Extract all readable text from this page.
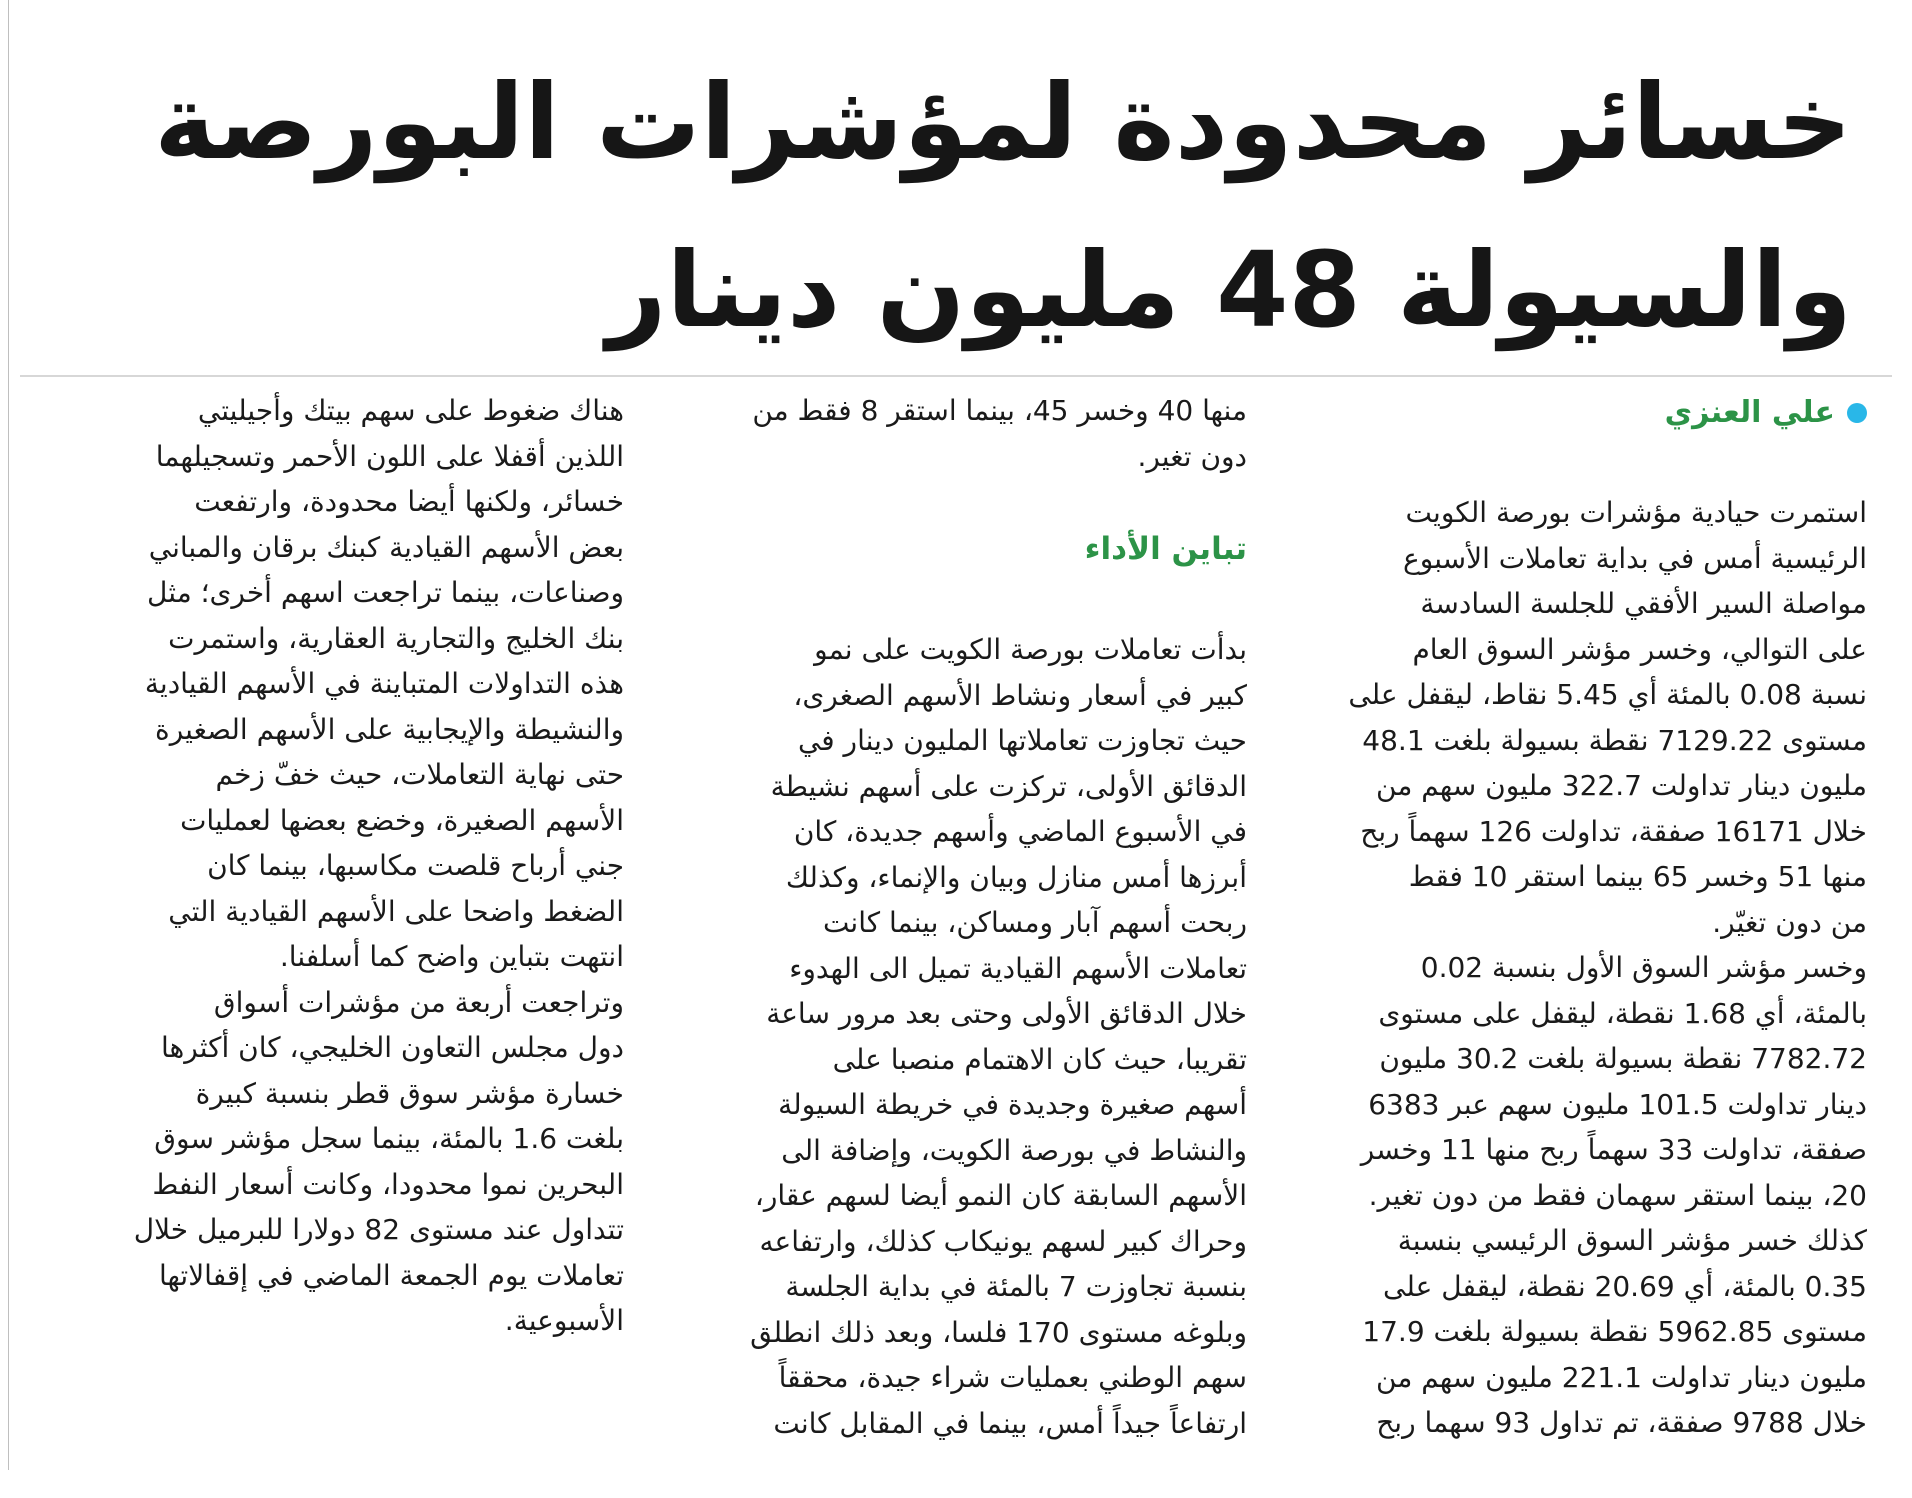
خسائر محدودة لمؤشرات البورصة
والسيولة 48 مليون دينار
علي العنزي

استمرت حيادية مؤشرات بورصة الكويت
الرئيسية أمس في بداية تعاملات الأسبوع
مواصلة السير الأفقي للجلسة السادسة
على التوالي، وخسر مؤشر السوق العام
نسبة 0.08 بالمئة أي 5.45 نقاط، ليقفل على
مستوى 7129.22 نقطة بسيولة بلغت 48.1
مليون دينار تداولت 322.7 مليون سهم من
خلال 16171 صفقة، تداولت 126 سهماً ربح
منها 51 وخسر 65 بينما استقر 10 فقط
من دون تغيّر.

وخسر مؤشر السوق الأول بنسبة 0.02
بالمئة، أي 1.68 نقطة، ليقفل على مستوى
7782.72 نقطة بسيولة بلغت 30.2 مليون
دينار تداولت 101.5 مليون سهم عبر 6383
صفقة، تداولت 33 سهماً ربح منها 11 وخسر
20، بينما استقر سهمان فقط من دون تغير.

كذلك خسر مؤشر السوق الرئيسي بنسبة
0.35 بالمئة، أي 20.69 نقطة، ليقفل على
مستوى 5962.85 نقطة بسيولة بلغت 17.9
مليون دينار تداولت 221.1 مليون سهم من
خلال 9788 صفقة، تم تداول 93 سهما ربح

منها 40 وخسر 45، بينما استقر 8 فقط من
دون تغير.

تباين الأداء

بدأت تعاملات بورصة الكويت على نمو
كبير في أسعار ونشاط الأسهم الصغرى،
حيث تجاوزت تعاملاتها المليون دينار في
الدقائق الأولى، تركزت على أسهم نشيطة
في الأسبوع الماضي وأسهم جديدة، كان
أبرزها أمس منازل وبيان والإنماء، وكذلك
ربحت أسهم آبار ومساكن، بينما كانت
تعاملات الأسهم القيادية تميل الى الهدوء
خلال الدقائق الأولى وحتى بعد مرور ساعة
تقريبا، حيث كان الاهتمام منصبا على
أسهم صغيرة وجديدة في خريطة السيولة
والنشاط في بورصة الكويت، وإضافة الى
الأسهم السابقة كان النمو أيضا لسهم عقار،
وحراك كبير لسهم يونيكاب كذلك، وارتفاعه
بنسبة تجاوزت 7 بالمئة في بداية الجلسة
وبلوغه مستوى 170 فلسا، وبعد ذلك انطلق
سهم الوطني بعمليات شراء جيدة، محققاً
ارتفاعاً جيداً أمس، بينما في المقابل كانت

هناك ضغوط على سهم بيتك وأجيليتي
اللذين أقفلا على اللون الأحمر وتسجيلهما
خسائر، ولكنها أيضا محدودة، وارتفعت
بعض الأسهم القيادية كبنك برقان والمباني
وصناعات، بينما تراجعت اسهم أخرى؛ مثل
بنك الخليج والتجارية العقارية، واستمرت
هذه التداولات المتباينة في الأسهم القيادية
والنشيطة والإيجابية على الأسهم الصغيرة
حتى نهاية التعاملات، حيث خفّ زخم
الأسهم الصغيرة، وخضع بعضها لعمليات
جني أرباح قلصت مكاسبها، بينما كان
الضغط واضحا على الأسهم القيادية التي
انتهت بتباين واضح كما أسلفنا.

وتراجعت أربعة من مؤشرات أسواق
دول مجلس التعاون الخليجي، كان أكثرها
خسارة مؤشر سوق قطر بنسبة كبيرة
بلغت 1.6 بالمئة، بينما سجل مؤشر سوق
البحرين نموا محدودا، وكانت أسعار النفط
تتداول عند مستوى 82 دولارا للبرميل خلال
تعاملات يوم الجمعة الماضي في إقفالاتها
الأسبوعية.
